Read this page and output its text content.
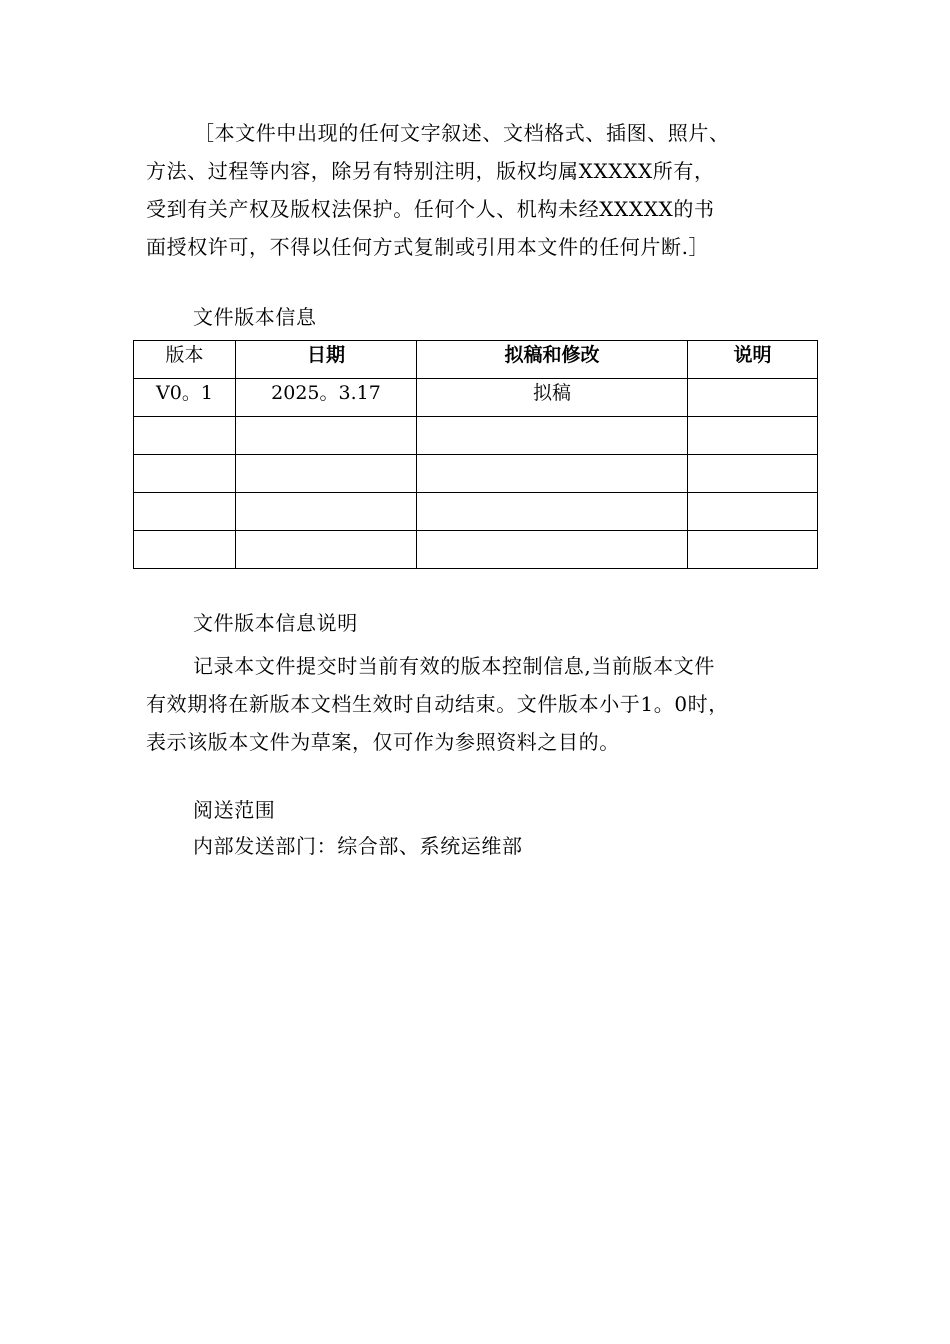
［本文件中出现的任何文字叙述、文档格式、插图、照片、
方法、过程等内容，除另有特别注明，版权均属XXXXX所有，
受到有关产权及版权法保护。任何个人、机构未经XXXXX的书
面授权许可，不得以任何方式复制或引用本文件的任何片断.］
文件版本信息
版本	日期	拟稿和修改	说明
V0。1	2025。3.17	拟稿	

文件版本信息说明
记录本文件提交时当前有效的版本控制信息,当前版本文件
有效期将在新版本文档生效时自动结束。文件版本小于1。0时，
表示该版本文件为草案，仅可作为参照资料之目的。
阅送范围
内部发送部门：综合部、系统运维部
